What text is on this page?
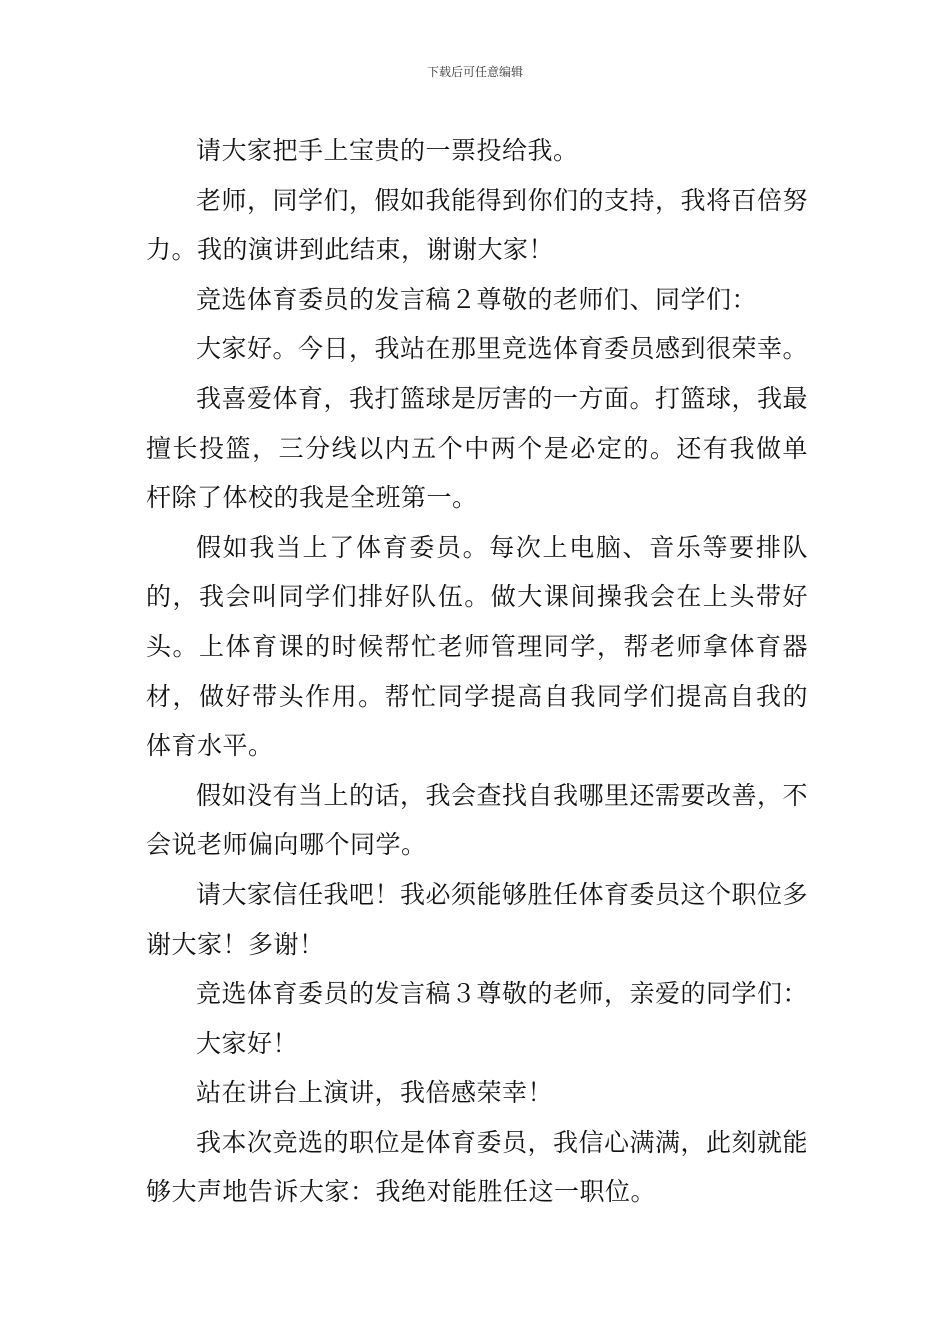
下载后可任意编辑

请大家把手上宝贵的一票投给我。

老师，同学们，假如我能得到你们的支持，我将百倍努力。我的演讲到此结束，谢谢大家！

竞选体育委员的发言稿２尊敬的老师们、同学们：

大家好。今日，我站在那里竞选体育委员感到很荣幸。

我喜爱体育，我打篮球是厉害的一方面。打篮球，我最擅长投篮，三分线以内五个中两个是必定的。还有我做单杆除了体校的我是全班第一。

假如我当上了体育委员。每次上电脑、音乐等要排队的，我会叫同学们排好队伍。做大课间操我会在上头带好头。上体育课的时候帮忙老师管理同学，帮老师拿体育器材，做好带头作用。帮忙同学提高自我同学们提高自我的体育水平。

假如没有当上的话，我会查找自我哪里还需要改善，不会说老师偏向哪个同学。

请大家信任我吧！我必须能够胜任体育委员这个职位多谢大家！多谢！

竞选体育委员的发言稿３尊敬的老师，亲爱的同学们：

大家好！

站在讲台上演讲，我倍感荣幸！

我本次竞选的职位是体育委员，我信心满满，此刻就能够大声地告诉大家：我绝对能胜任这一职位。
